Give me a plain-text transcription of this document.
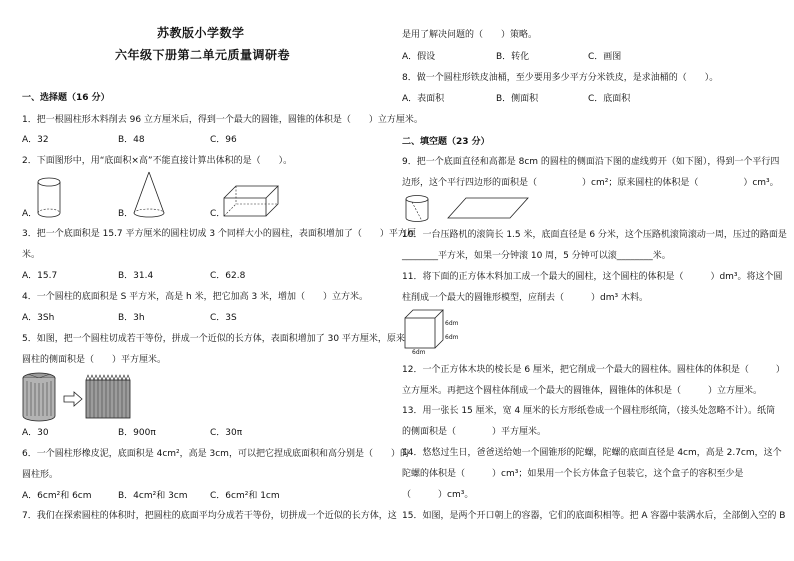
苏教版小学数学
六年级下册第二单元质量调研卷
一、选择题（16 分）
1．把一根圆柱形木料削去 96 立方厘米后，得到一个最大的圆锥，圆锥的体积是（　　）立方厘米。
A．32	B．48	C．96
2．下面图形中，用“底面积×高”不能直接计算出体积的是（　　）。
A．	B．	C．
3．把一个底面积是 15.7 平方厘米的圆柱切成 3 个同样大小的圆柱，表面积增加了（　　）平方厘
米。
A．15.7	B．31.4	C．62.8
4．一个圆柱的底面积是 S 平方米，高是 h 米，把它加高 3 米，增加（　　）立方米。
A．3Sh	B．3h	C．3S
5．如图，把一个圆柱切成若干等份，拼成一个近似的长方体，表面积增加了 30 平方厘米，原来
圆柱的侧面积是（　　）平方厘米。
A．30	B．900π	C．30π
6．一个圆柱形橡皮泥，底面积是 4cm²，高是 3cm，可以把它捏成底面积和高分别是（　　）的
圆柱形。
A．6cm²和 6cm	B．4cm²和 3cm C．6cm²和 1cm
7．我们在探索圆柱的体积时，把圆柱的底面平均分成若干等份，切拼成一个近似的长方体，这
是用了解决问题的（　　）策略。
A．假设	B．转化	C．画图
8．做一个圆柱形铁皮油桶，至少要用多少平方分米铁皮，是求油桶的（　　）。
A．表面积	B．侧面积	C．底面积
二、填空题（23 分）
9．把一个底面直径和高都是 8cm 的圆柱的侧面沿下图的虚线剪开（如下图），得到一个平行四
边形，这个平行四边形的面积是（　　　　　）cm²；原来圆柱的体积是（　　　　　）cm³。
10．一台压路机的滚筒长 1.5 米，底面直径是 6 分米，这个压路机滚筒滚动一周，压过的路面是
________平方米，如果一分钟滚 10 周，5 分钟可以滚________米。
11．将下面的正方体木料加工成一个最大的圆柱，这个圆柱的体积是（　　　）dm³。将这个圆
柱削成一个最大的圆锥形模型，应削去（　　　）dm³ 木料。
6dm
6dm
6dm
12．一个正方体木块的棱长是 6 厘米，把它削成一个最大的圆柱体。圆柱体的体积是（　　　）
立方厘米。再把这个圆柱体削成一个最大的圆锥体，圆锥体的体积是（　　　）立方厘米。
13．用一张长 15 厘米，宽 4 厘米的长方形纸卷成一个圆柱形纸筒，（接头处忽略不计）。纸筒
的侧面积是（　　　　）平方厘米。
14．悠悠过生日，爸爸送给她一个圆锥形的陀螺，陀螺的底面直径是 4cm，高是 2.7cm，这个
陀螺的体积是（　　　）cm³；如果用一个长方体盒子包装它，这个盒子的容积至少是
（　　　）cm³。
15．如图，是两个开口朝上的容器，它们的底面积相等。把 A 容器中装满水后，全部倒入空的 B
